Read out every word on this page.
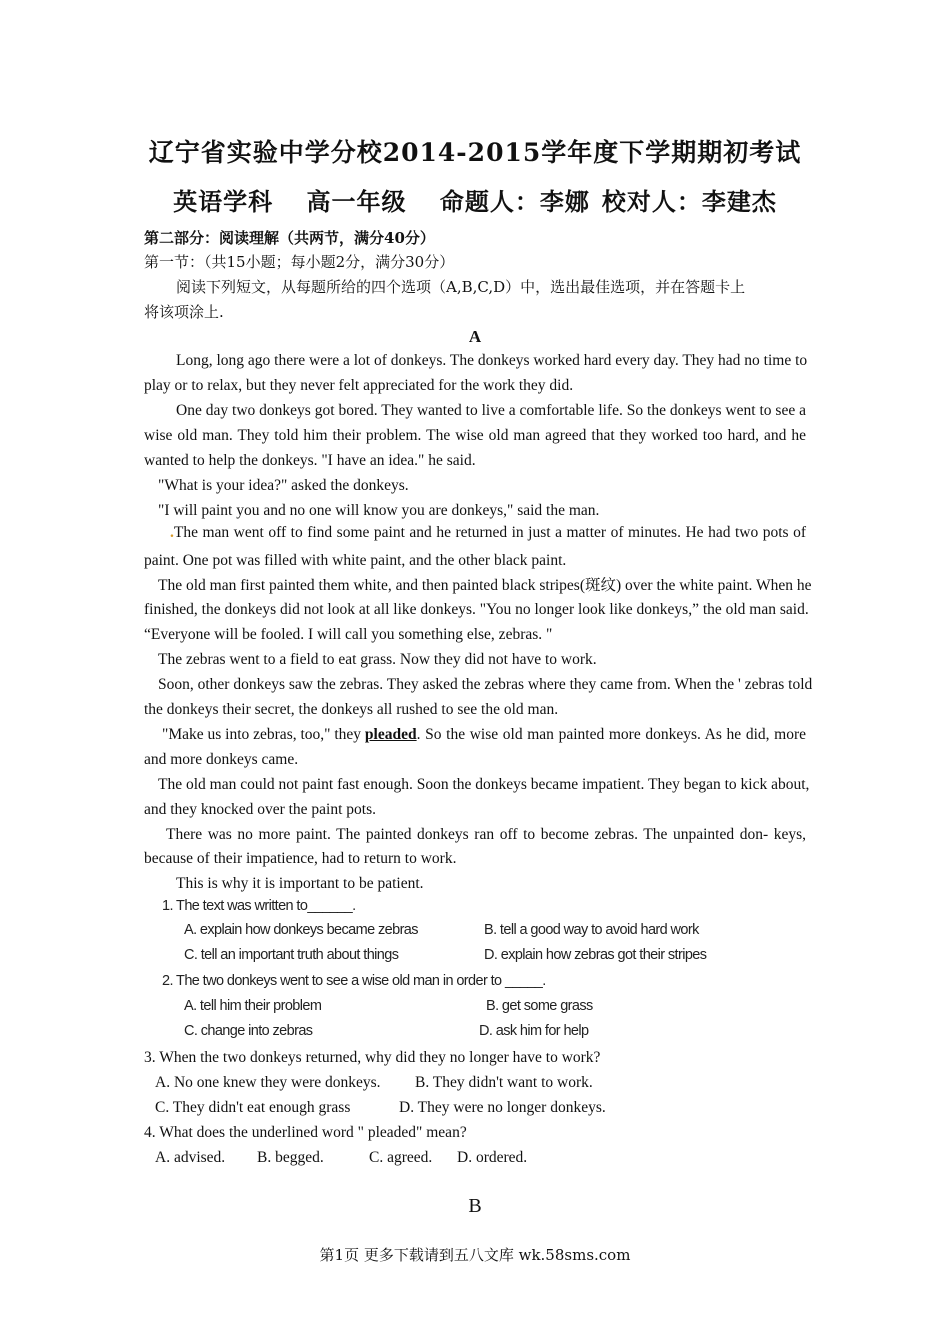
辽宁省实验中学分校2014-2015学年度下学期期初考试
英语学科 高一年级 命题人：李娜 校对人：李建杰
第二部分：阅读理解（共两节，满分40分）
第一节：（共15小题；每小题2分，满分30分）
阅读下列短文，从每题所给的四个选项（A,B,C,D）中，选出最佳选项，并在答题卡上
将该项涂上.
A
Long, long ago there were a lot of donkeys. The donkeys worked hard every day. They had no time to
play or to relax, but they never felt appreciated for the work they did.
One day two donkeys got bored. They wanted to live a comfortable life. So the donkeys went to see a
wise old man. They told him their problem. The wise old man agreed that they worked too hard, and he
wanted to help the donkeys. "I have an idea." he said.
"What is your idea?" asked the donkeys.
"I will paint you and no one will know you are donkeys," said the man.
. The man went off to find some paint and he returned in just a matter of minutes. He had two pots of
paint. One pot was filled with white paint, and the other black paint.
The old man first painted them white, and then painted black stripes(斑纹) over the white paint. When he
finished, the donkeys did not look at all like donkeys. "You no longer look like donkeys,” the old man said.
“Everyone will be fooled. I will call you something else, zebras. "
The zebras went to a field to eat grass. Now they did not have to work.
Soon, other donkeys saw the zebras. They asked the zebras where they came from. When the ' zebras told
the donkeys their secret, the donkeys all rushed to see the old man.
"Make us into zebras, too," they pleaded . So the wise old man painted more donkeys. As he did, more
and more donkeys came.
The old man could not paint fast enough. Soon the donkeys became impatient. They began to kick about,
and they knocked over the paint pots.
There was no more paint. The painted donkeys ran off to become zebras. The unpainted don- keys,
because of their impatience, had to return to work.
This is why it is important to be patient.
1. The text was written to______.
A. explain how donkeys became zebras	B. tell a good way to avoid hard work
C. tell an important truth about things	D. explain how zebras got their stripes
2. The two donkeys went to see a wise old man in order to _____.
A. tell him their problem	B. get some grass
C. change into zebras	D. ask him for help
3. When the two donkeys returned, why did they no longer have to work?
A. No one knew they were donkeys. B. They didn't want to work.
C. They didn't eat enough grass	D. They were no longer donkeys.
4. What does the underlined word " pleaded" mean?
A. advised. B. begged.	C. agreed. D. ordered.
B
第1页 更多下载请到五八文库 wk.58sms.com
